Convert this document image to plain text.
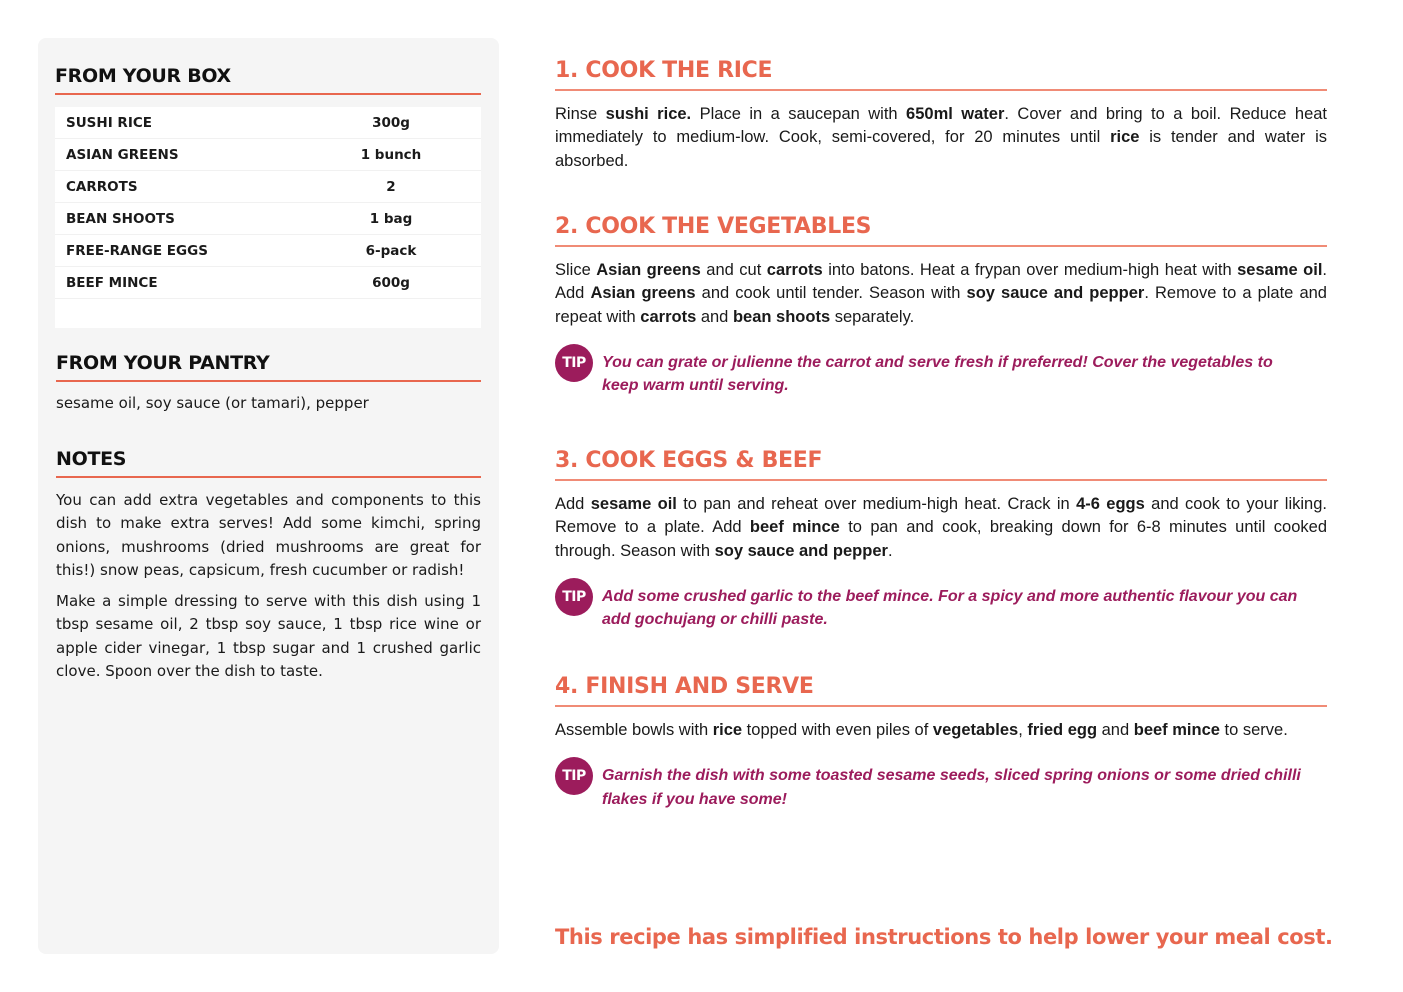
FROM YOUR BOX
SUSHI RICE	300g
ASIAN GREENS	1 bunch
CARROTS	2
BEAN SHOOTS	1 bag
FREE-RANGE EGGS	6-pack
BEEF MINCE	600g
FROM YOUR PANTRY
sesame oil, soy sauce (or tamari), pepper
NOTES

You can add extra vegetables and components to this dish to make extra serves! Add some kimchi, spring onions, mushrooms (dried mushrooms are great for this!) snow peas, capsicum, fresh cucumber or radish!

Make a simple dressing to serve with this dish using 1 tbsp sesame oil, 2 tbsp soy sauce, 1 tbsp rice wine or apple cider vinegar, 1 tbsp sugar and 1 crushed garlic clove. Spoon over the dish to taste.

1. COOK THE RICE
Rinse sushi rice. Place in a saucepan with 650ml water. Cover and bring to a boil. Reduce heat immediately to medium-low. Cook, semi-covered, for 20 minutes until rice is tender and water is absorbed.
2. COOK THE VEGETABLES
Slice Asian greens and cut carrots into batons. Heat a frypan over medium-high heat with sesame oil. Add Asian greens and cook until tender. Season with soy sauce and pepper. Remove to a plate and repeat with carrots and bean shoots separately.
TIP	You can grate or julienne the carrot and serve fresh if preferred! Cover the vegetables to keep warm until serving.
3. COOK EGGS & BEEF
Add sesame oil to pan and reheat over medium-high heat. Crack in 4-6 eggs and cook to your liking. Remove to a plate. Add beef mince to pan and cook, breaking down for 6-8 minutes until cooked through. Season with soy sauce and pepper.
TIP	Add some crushed garlic to the beef mince. For a spicy and more authentic flavour you can add gochujang or chilli paste.
4. FINISH AND SERVE
Assemble bowls with rice topped with even piles of vegetables, fried egg and beef mince to serve.
TIP	Garnish the dish with some toasted sesame seeds, sliced spring onions or some dried chilli flakes if you have some!
This recipe has simplified instructions to help lower your meal cost.
